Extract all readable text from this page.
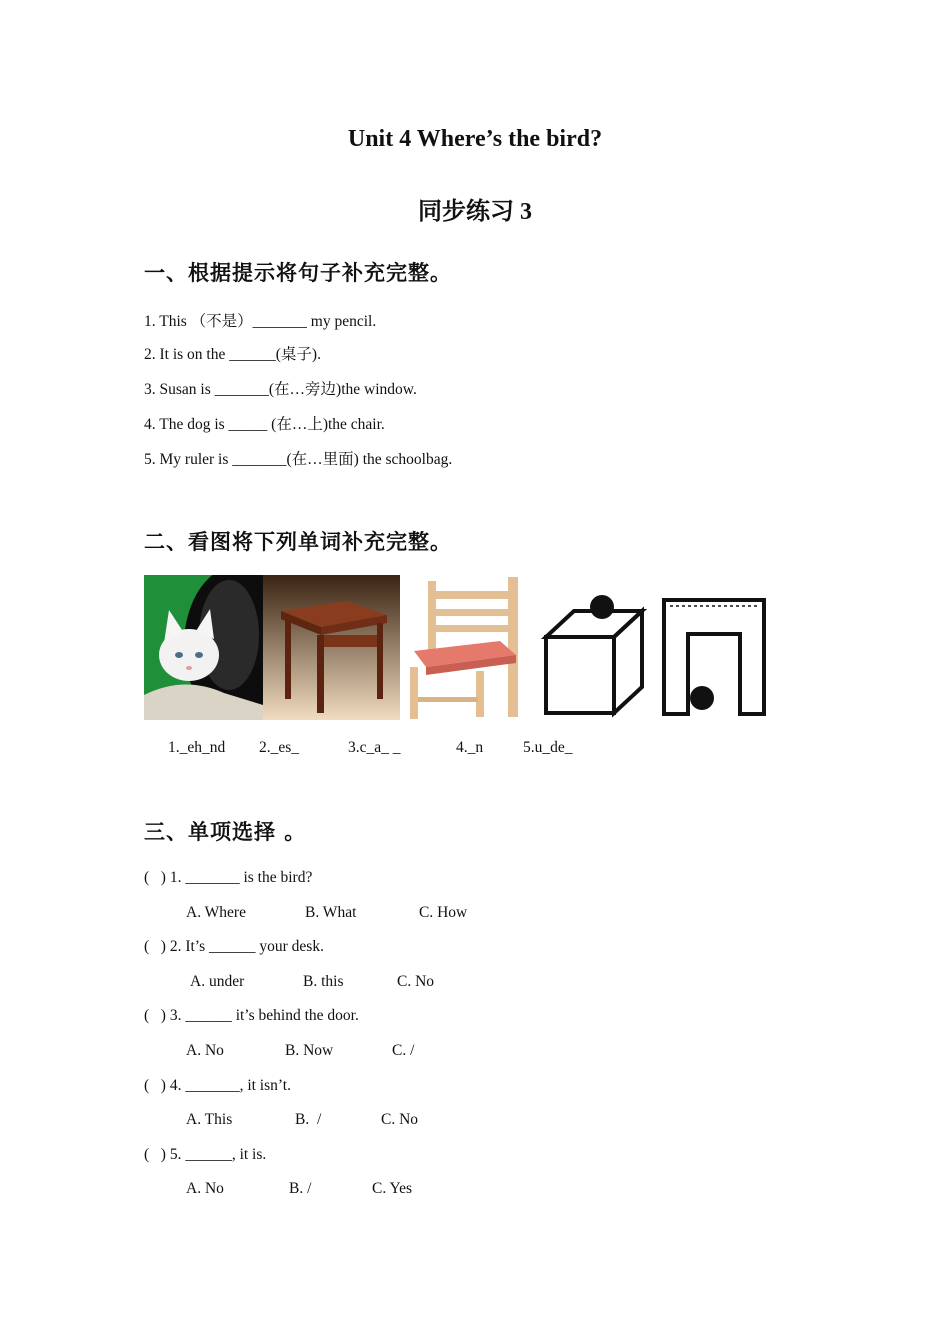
Unit 4 Where’s the bird?
同步练习 3
一、根据提示将句子补充完整。
1. This （不是）_______ my pencil.
2. It is on the ______(桌子).
3. Susan is _______(在…旁边)the window.
4. The dog is _____ (在…上)the chair.
5. My ruler is _______(在…里面) the schoolbag.
二、看图将下列单词补充完整。
1._eh_nd 2._es_	3.c_a_ _	4._n	5.u_de_
三、单项选择 。
(   ) 1. _______ is the bird?
A. Where	B. What	C. How
(   ) 2. It’s ______ your desk.
A. under	B. this	C. No
(   ) 3. ______ it’s behind the door.
A. No	B. Now	C. /
(   ) 4. _______, it isn’t.
A. This	B.  /	C. No
(   ) 5. ______, it is.
A. No	B. /	C. Yes
